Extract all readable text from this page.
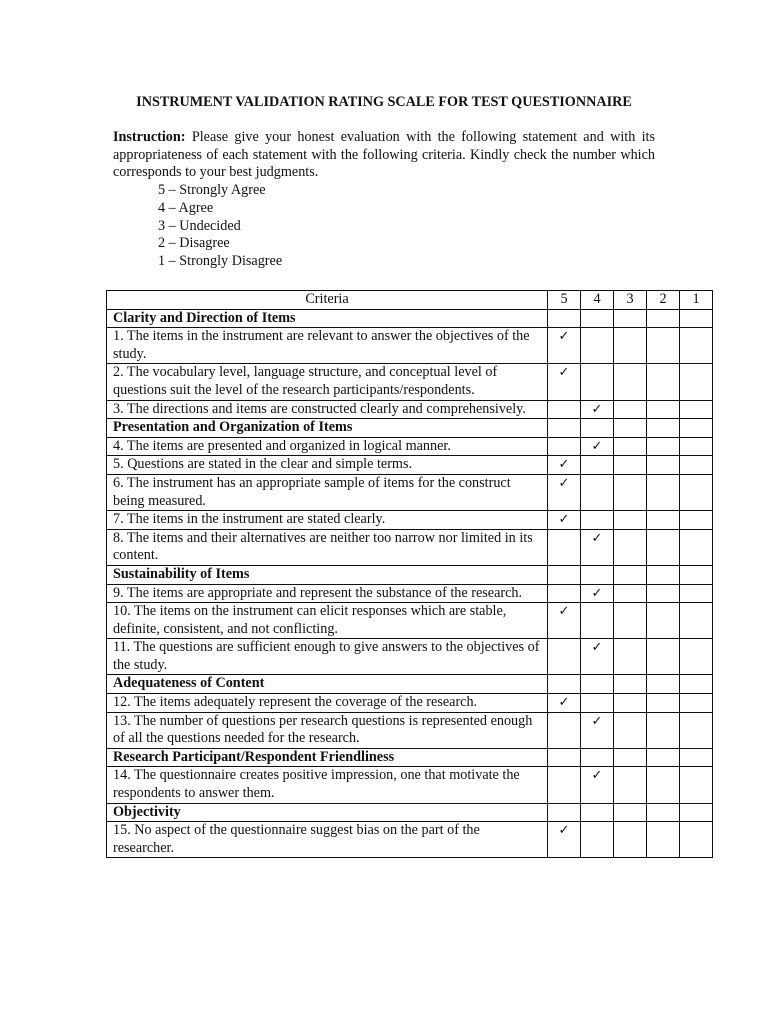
INSTRUMENT VALIDATION RATING SCALE FOR TEST QUESTIONNAIRE

Instruction: Please give your honest evaluation with the following statement and with its appropriateness of each statement with the following criteria. Kindly check the number which corresponds to your best judgments.

5 – Strongly Agree
4 – Agree
3 – Undecided
2 – Disagree
1 – Strongly Disagree
Criteria	5	4	3	2	1
Clarity and Direction of Items					
1. The items in the instrument are relevant to answer the objectives of the study.	✓				
2. The vocabulary level, language structure, and conceptual level of questions suit the level of the research participants/respondents.	✓				
3. The directions and items are constructed clearly and comprehensively.		✓			
Presentation and Organization of Items					
4. The items are presented and organized in logical manner.		✓			
5. Questions are stated in the clear and simple terms.	✓				
6. The instrument has an appropriate sample of items for the construct being measured.	✓				
7. The items in the instrument are stated clearly.	✓				
8. The items and their alternatives are neither too narrow nor limited in its content.		✓			
Sustainability of Items					
9. The items are appropriate and represent the substance of the research.		✓			
10. The items on the instrument can elicit responses which are stable, definite, consistent, and not conflicting.	✓				
11. The questions are sufficient enough to give answers to the objectives of the study.		✓			
Adequateness of Content					
12. The items adequately represent the coverage of the research.	✓				
13. The number of questions per research questions is represented enough of all the questions needed for the research.		✓			
Research Participant/Respondent Friendliness					
14. The questionnaire creates positive impression, one that motivate the respondents to answer them.		✓			
Objectivity					
15. No aspect of the questionnaire suggest bias on the part of the researcher.	✓				
